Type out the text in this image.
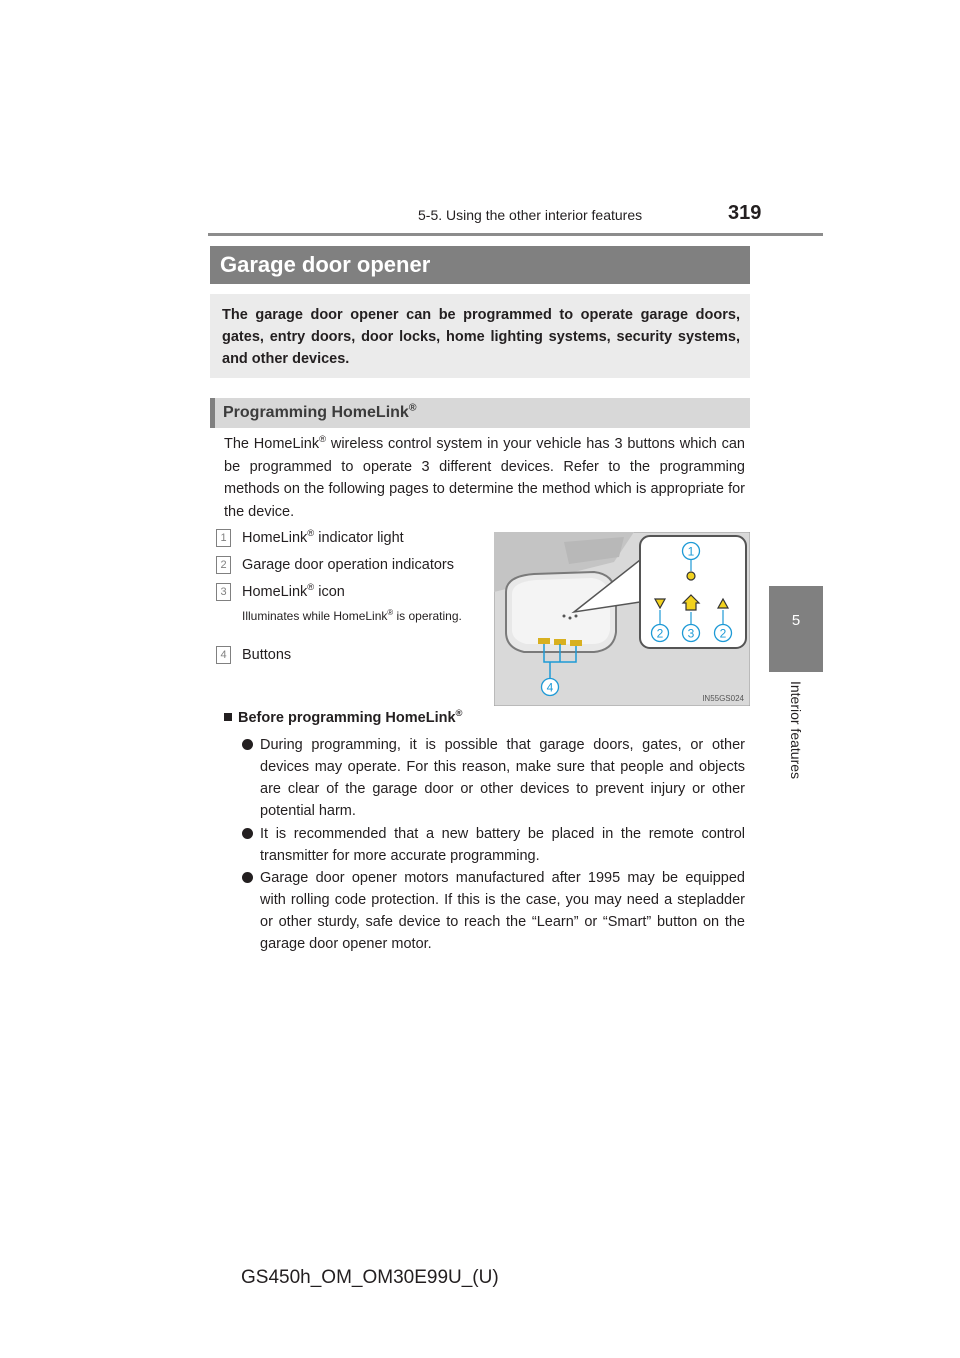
5-5. Using the other interior features	319
5
Interior features
Garage door opener
The garage door opener can be programmed to operate garage doors, gates, entry doors, door locks, home lighting systems, security systems, and other devices.
Programming HomeLink®
The HomeLink® wireless control system in your vehicle has 3 buttons which can be programmed to operate 3 different devices. Refer to the programming methods on the following pages to determine the method which is appropriate for the device.
1 HomeLink® indicator light
2 Garage door operation indicators
3 HomeLink® icon
Illuminates while HomeLink® is operating.
4 Buttons
1
2 3 2
4
IN55GS024
Before programming HomeLink®
During programming, it is possible that garage doors, gates, or other devices may operate. For this reason, make sure that people and objects are clear of the garage door or other devices to prevent injury or other potential harm.
It is recommended that a new battery be placed in the remote control transmitter for more accurate programming.
Garage door opener motors manufactured after 1995 may be equipped with rolling code protection. If this is the case, you may need a stepladder or other sturdy, safe device to reach the “Learn” or “Smart” button on the garage door opener motor.
GS450h_OM_OM30E99U_(U)
